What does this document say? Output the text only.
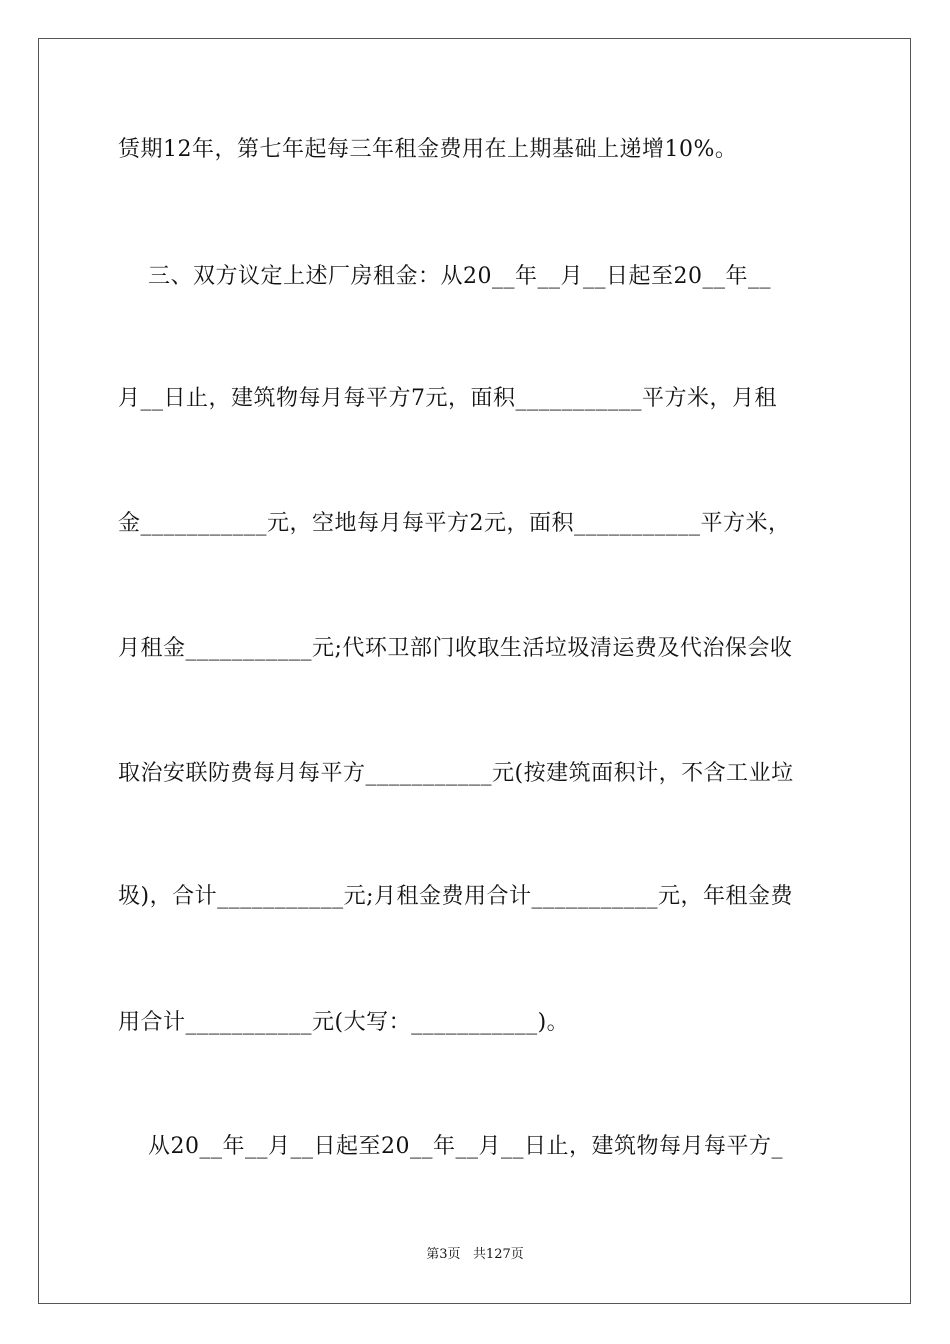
赁期12年，第七年起每三年租金费用在上期基础上递增10%。
三、双方议定上述厂房租金：从20__年__月__日起至20__年__
月__日止，建筑物每月每平方7元，面积___________平方米，月租
金___________元，空地每月每平方2元，面积___________平方米，
月租金___________元;代环卫部门收取生活垃圾清运费及代治保会收
取治安联防费每月每平方___________元(按建筑面积计，不含工业垃
圾)，合计___________元;月租金费用合计___________元，年租金费
用合计___________元(大写：___________)。
从20__年__月__日起至20__年__月__日止，建筑物每月每平方_
第3页   共127页
